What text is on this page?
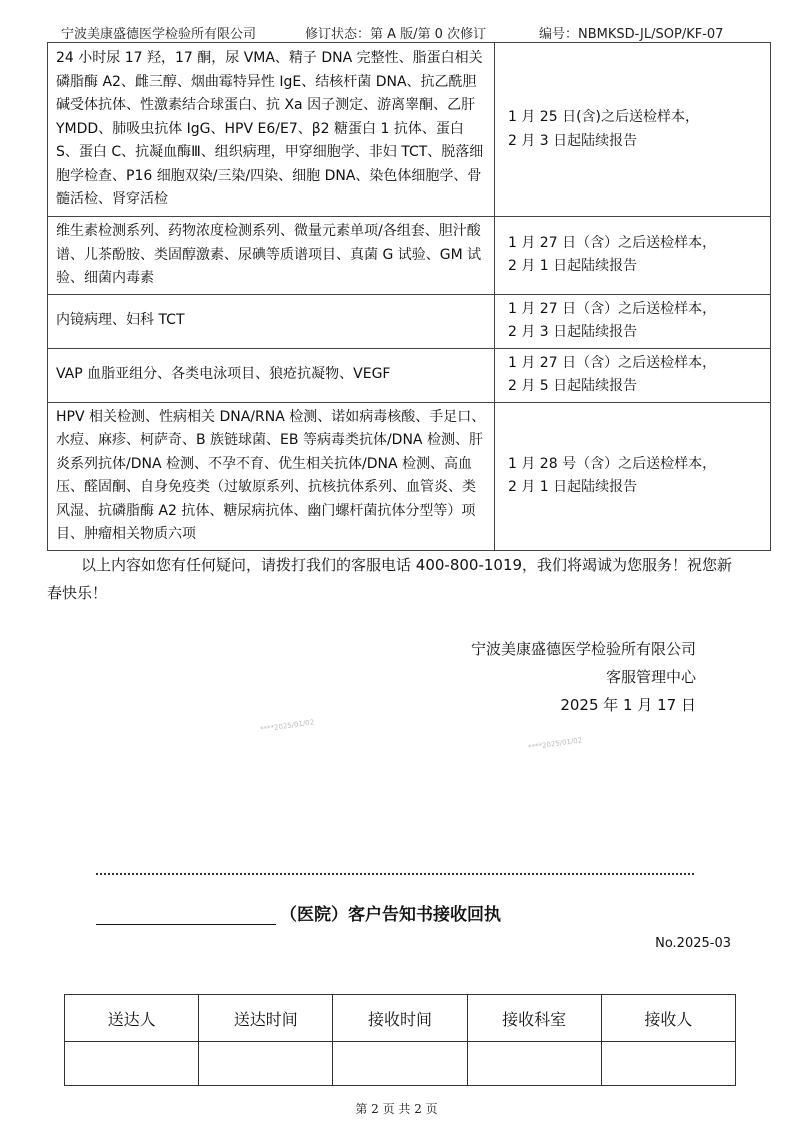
宁波美康盛德医学检验所有限公司	修订状态：第 A 版/第 0 次修订	编号：NBMKSD-JL/SOP/KF-07
24 小时尿 17 羟，17 酮，尿 VMA、精子 DNA 完整性、脂蛋白相关磷脂酶 A2、雌三醇、烟曲霉特异性 IgE、结核杆菌 DNA、抗乙酰胆碱受体抗体、性激素结合球蛋白、抗 Xa 因子测定、游离睾酮、乙肝 YMDD、肺吸虫抗体 IgG、HPV E6/E7、β2 糖蛋白 1 抗体、蛋白 S、蛋白 C、抗凝血酶Ⅲ、组织病理，甲穿细胞学、非妇 TCT、脱落细胞学检查、P16 细胞双染/三染/四染、细胞 DNA、染色体细胞学、骨髓活检、肾穿活检	1 月 25 日(含)之后送检样本，
2 月 3 日起陆续报告

维生素检测系列、药物浓度检测系列、微量元素单项/各组套、胆汁酸谱、儿茶酚胺、类固醇激素、尿碘等质谱项目、真菌 G 试验、GM 试验、细菌内毒素	1 月 27 日（含）之后送检样本，
2 月 1 日起陆续报告

内镜病理、妇科 TCT	1 月 27 日（含）之后送检样本，
2 月 3 日起陆续报告

VAP 血脂亚组分、各类电泳项目、狼疮抗凝物、VEGF	1 月 27 日（含）之后送检样本，
2 月 5 日起陆续报告

HPV 相关检测、性病相关 DNA/RNA 检测、诺如病毒核酸、手足口、水痘、麻疹、柯萨奇、B 族链球菌、EB 等病毒类抗体/DNA 检测、肝炎系列抗体/DNA 检测、不孕不育、优生相关抗体/DNA 检测、高血压、醛固酮、自身免疫类（过敏原系列、抗核抗体系列、血管炎、类风湿、抗磷脂酶 A2 抗体、糖尿病抗体、幽门螺杆菌抗体分型等）项目、肿瘤相关物质六项	1 月 28 号（含）之后送检样本，
2 月 1 日起陆续报告
以上内容如您有任何疑问，请拨打我们的客服电话 400-800-1019，我们将竭诚为您服务！祝您新春快乐！
宁波美康盛德医学检验所有限公司
客服管理中心
2025 年 1 月 17 日
****2025/01/02
****2025/01/02
（医院）客户告知书接收回执
No.2025-03
送达人	送达时间	接收时间	接收科室	接收人

第 2 页 共 2 页
